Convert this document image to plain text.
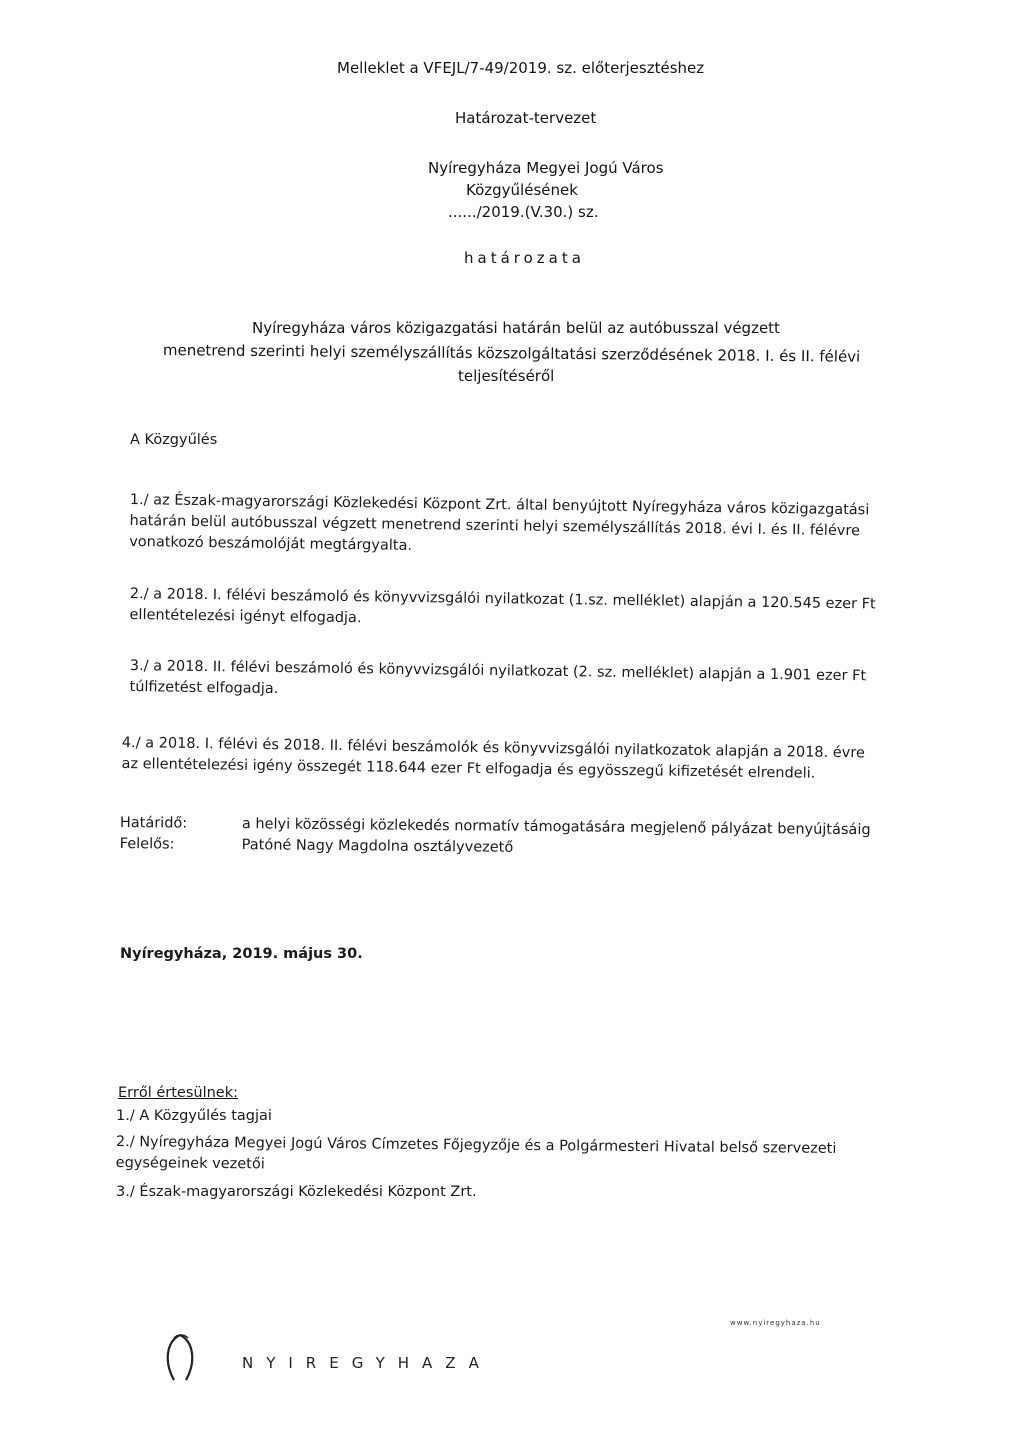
Melleklet a VFEJL/7-49/2019. sz. előterjesztéshez
Határozat-tervezet
Nyíregyháza Megyei Jogú Város
Közgyűlésének
....../2019.(V.30.) sz.
határozata
Nyíregyháza város közigazgatási határán belül az autóbusszal végzett
menetrend szerinti helyi személyszállítás közszolgáltatási szerződésének 2018. I. és II. félévi
teljesítéséről
A Közgyűlés
1./ az Észak-magyarországi Közlekedési Központ Zrt. által benyújtott Nyíregyháza város közigazgatási
határán belül autóbusszal végzett menetrend szerinti helyi személyszállítás 2018. évi I. és II. félévre
vonatkozó beszámolóját megtárgyalta.
2./ a 2018. I. félévi beszámoló és könyvvizsgálói nyilatkozat (1.sz. melléklet) alapján a 120.545 ezer Ft
ellentételezési igényt elfogadja.
3./ a 2018. II. félévi beszámoló és könyvvizsgálói nyilatkozat (2. sz. melléklet) alapján a 1.901 ezer Ft
túlfizetést elfogadja.
4./ a 2018. I. félévi és 2018. II. félévi beszámolók és könyvvizsgálói nyilatkozatok alapján a 2018. évre
az ellentételezési igény összegét 118.644 ezer Ft elfogadja és egyösszegű kifizetését elrendeli.
Határidő:	a helyi közösségi közlekedés normatív támogatására megjelenő pályázat benyújtásáig
Felelős:	Patóné Nagy Magdolna osztályvezető
Nyíregyháza, 2019. május 30.
Erről értesülnek:
1./ A Közgyűlés tagjai
2./ Nyíregyháza Megyei Jogú Város Címzetes Főjegyzője és a Polgármesteri Hivatal belső szervezeti
egységeinek vezetői
3./ Észak-magyarországi Közlekedési Központ Zrt.
NYIREGYHAZA
www.nyiregyhaza.hu
